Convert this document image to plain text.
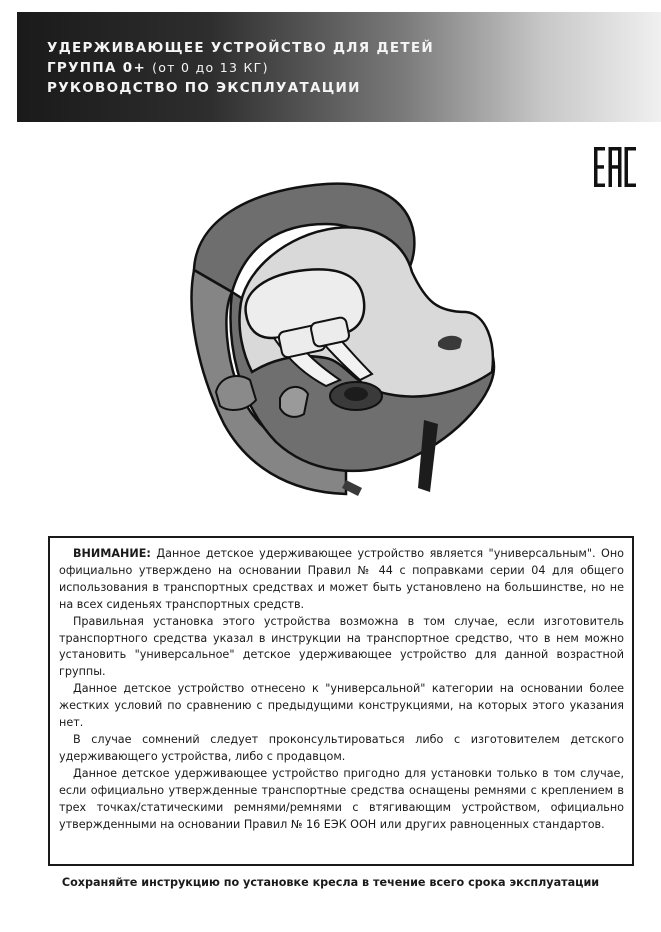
УДЕРЖИВАЮЩЕЕ УСТРОЙСТВО ДЛЯ ДЕТЕЙ
ГРУППА 0+ (от 0 до 13 КГ)
РУКОВОДСТВО ПО ЭКСПЛУАТАЦИИ

ВНИМАНИЕ: Данное детское удерживающее устройство является "универсальным". Оно официально утверждено на основании Правил № 44 с поправками серии 04 для общего использования в транспортных средствах и может быть установлено на большинстве, но не на всех сиденьях транспортных средств.

Правильная установка этого устройства возможна в том случае, если изготовитель транспортного средства указал в инструкции на транспортное средство, что в нем можно установить "универсальное" детское удерживающее устройство для данной возрастной группы.

Данное детское устройство отнесено к "универсальной" категории на основании более жестких условий по сравнению с предыдущими конструкциями, на которых этого указания нет.

В случае сомнений следует проконсультироваться либо с изготовителем детского удерживающего устройства, либо с продавцом.

Данное детское удерживающее устройство пригодно для установки только в том случае, если официально утвержденные транспортные средства оснащены ремнями с креплением в трех точках/статическими ремнями/ремнями с втягивающим устройством, официально утвержденными на основании Правил № 16 ЕЭК ООН или других равноценных стандартов.

Сохраняйте инструкцию по установке кресла в течение всего срока эксплуатации
